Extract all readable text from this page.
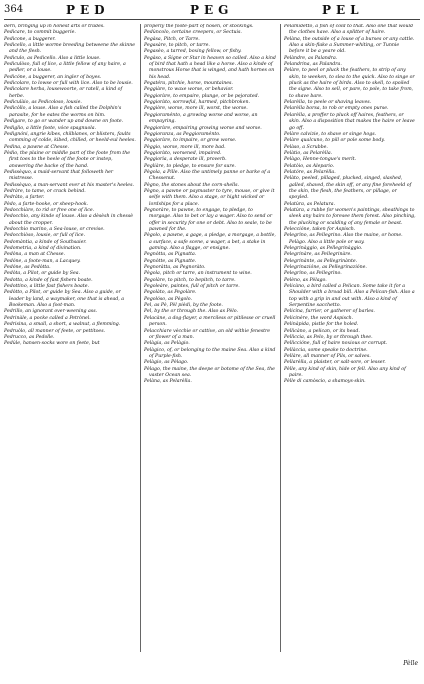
364	PED	PEG	PEL

dern, bringing up in honest arts or trades.

Pedicare, to commit buggerie.

Pedicone, a buggerer.

Pedicello, a little worme breeding betweene the skinne and the flesh.

Pediculo, as Pedicello. Also a little louse.

Pediculòso, full of lice, a little fellow of any haire, a pedler, or a louse.

Pedicóne, a buggerer, an ingler of boyes.

Pedicolare, to lowse or full with lice. Also to be lousie.

Pedicolare herba, lousewoorte, or ratell, a kind of herbe.

Pediculàio, as Pedicoloso, lousie.

Pedicòllo, a louse. Also a fish called the Dolphin's parasite, for he eates the worms on him.

Pedigare, to go or wander up and downe on foote.

Pediglio, a little foote, vóce spagnuola.

Pedignóni, angrie kibes, chilblanes, or blisters, faults comming of colde, kibed, chilled, or heeld-eul heeles.

Pedina, a pawne at Chesse.

Pèdio, the plaine or middle part of the foote from the first toes to the heele of the foote or instep, answering the backe of the hand.

Pedissèquo, a maid-servant that followeth her mistresse.

Pedissèquo, a man-servant ever at his master's heeles.

Pedràre, to tame, or crack behind.

Pedràto, a farter.

Pèdo, a farte-hooke, or sheep-hook.

Pedocchiàre, to rid or free one of lice.

Pedocchio, any kinde of louse. Also a dèsèsh in chessè about the cropper.

Pedocchio marino, a Sea-louse, or crevise.

Pedocchiòso, lousie, or full of lice.

Pedomàntia, a kinde of Southsaier.

Pedometria, a kind of divination.

Pedòna, a man at Chesse.

Pedóne, a foote-man, a Lacquey.

Pedóne, as Pedòtta.

Pedòta, a Pilot, or guide by Sea.

Pedotta, a kinde of fast fishers boate.

Pedottino, a little fast fishers boate.

Pedòtto, a Pilot, or guide by Sea. Also a guide, or leader by land, a waymaker, one that is ahead, a Bookeman. Also a foot-man.

Pedrillo, an ignorant over-weening ass.

Pedrinàle, a pocke called a Petrònel.

Pedrisina, a small, a short, a walnut, a flemming.

Pedruòlo, all manner of feete, or pettitoes.

Pedrucco, as Pedolle.

Pedùle, hansen-socks wore on feete, but

properly the foote-part of hosen, or stockings.

Pedùncolo, certaine creepers, or Sectuis.

Pegàsa, Pitch, or Tarre.

Pegasàre, to pitch, or tarre.

Pegasèo, a tarred, boxing fellow, or fishy.

Pegàso, a Signe or Star in heaven so called. Also a kind of bird that hath a head like a horse. Also a kinde of monstrous Horse that is winged, and hath hornes on his head.

Pegatéra, pitchie, horse, mountaines.

Peggiàre, to waxe worse, or behavior.

Peggioràre, to empaire, plunge, or be pejorated.

Peggioràto, sorrowful, harmed, pitchbroken.

Peggiòre, worse, more ill, worst, the worse.

Peggioraménto, a growing worse and worse, an empayring.

Peggioràre, empairing growing worse and worse.

Peggioranza, as Peggioraménto.

Peggioràre, to impaire, or grow worse.

Pèggio, worse, more ill, more bad.

Peggioràto, worsened, impaired.

Peggiorìa, a desperate ill, proverb.

Pegliàre, to pledge, to ensure for sure.

Pègola, a Pille. Also the untimely panne or barke of a Chessenut.

Pègno, the stones about the corn-shells.

Pègno, a pawne or paymaster to tyre, mouse, or give it selfe with them. Also a stage, or hight wicked or lordships for a place.

Pegnoràre, to pawne, to engage, to pledge, to morgage. Also to bet or lay a wager. Also to send or offer in security for one or debt. Also to seale, to be pawned for the.

Pègolo, a pawne, a gage, a pledge, a morgage, a bottle, a surface, a safe scene, a wager, a bet, a stake in gaming. Also a flagge, or ensigne.

Pegnòtta, as Pignatta.

Pegnòtte, as Pignatte.

Pegnoràtta, as Pegnoràto.

Pègola, pitch or tarre, an instrument to wine.

Pegolàre, to pitch, to bepitch, to tarre.

Pegoleàre, paintes, full of pitch or tarre.

Pegolàto, as Pegolàre.

Pegolóso, as Pègolo.

Pel, as Pè, Pèl pièdi, by the foote.

Pel, by the or through the. Also as Pèlo.

Pelacàne, a dog-flayer, a merciless or pitilesse or cruell person.

Pelacchiare vècchie or cattive, an old withie fenestre or flower of a man.

Pelàgia, as Pelàgio.

Pelàgico, of, or belonging to the maine Sea. Also a kind of Purple-fish.

Pelàgio, as Pèlago.

Pèlago, the maine, the deepe or botome of the Sea, the vaster Ocean sea.

Pelàna, as Pelarèlla.

Pelamidètto, a fish of cold to that. Also one that would the clothes have. Also a splitter of haire.

Pelàna, the outside of a louse of a burses or any cattle. Also a skin-flake a Summer-whiting, or Tunnie before it be a yeare old.

Pelàndre, as Palandra.

Pelandrina, as Palandra.

Pelàre, to peel or pluck the feathers, to strip of any skin, to weeken, to slea to the quick. Also to singe or pluck as the haire of birds. Also to skell, to spoiled the signe. Also to sell, or pare, to pole, to take from, to shave bare.

Pelarèlla, to peele or shaving leaves.

Pelarèlla borsa, to rob or empty ones purse.

Pelarèlla, a proffer to pluck off haires, feathers, or skin. Also a disposition that makes the haire or leave go off.

Pelàre calvizie, to shave or singe hogs.

Pelàre qualcuno, to pill or pole some body.

Pelàso, a Scrubbe.

Pelàtio, as Pelarèlla.

Pelàgo, Henne-tongue's merit.

Pelatòio, as Alepario.

Pelatóre, as Pelarèlla.

Pelàto, peeled, pillaged, plucked, singed, slashed, galled, shaved, the skin off, or any fine foreheeld of the skin, the flesh, the feathers, or pillage, or spoyled.

Pelatùra, as Pelatura.

Pelatùra, a rubbe for women's paintings, sheathings to sleek any hairs to foresee them forest. Also pinching, the plucking or scalding of any female or beast.

Peleccióne, taken for Aspisch.

Pelegrìno, as Pellegrino. Also the maine, or home. Pelàgo. Also a little pole or way.

Pelegrinàggio, as Pellegrinàggio.

Pelegrinàre, as Pellegrinàre.

Pelegrinànte, as Pellegrinànte.

Pelegrinazióne, as Pellegrinazióne.

Pelegrìno, as Pellegrìno.

Pelèno, as Pèlago.

Pelicàno, a bird called a Pelican. Some take it for a Shoulder with a broad bill. Also a Pelican-fish. Also a top with a grip in and out with. Also a kind of Serpentine sacchetto.

Pelicìna, furrier, or gatherer of barles.

Pelicinère, the word Aspisch.

Pelinàpida, pistle for the holed.

Pellicàno, a pelican, or its head.

Pelliccia, as Pelo, by or through thee.

Pelliccióne, full of haire noxious or corrupt.

Pellàccia, some speake to doctrine.

Pellàre, all manner of Pils, or salves.

Pellarèlla, a plaister, or salt-sore, or lesser.

Pèlle, any kind of skin, hide or fell. Also any kind of paire.

Pèlle di camòscio, a shamoys-skin.

Pèlle
